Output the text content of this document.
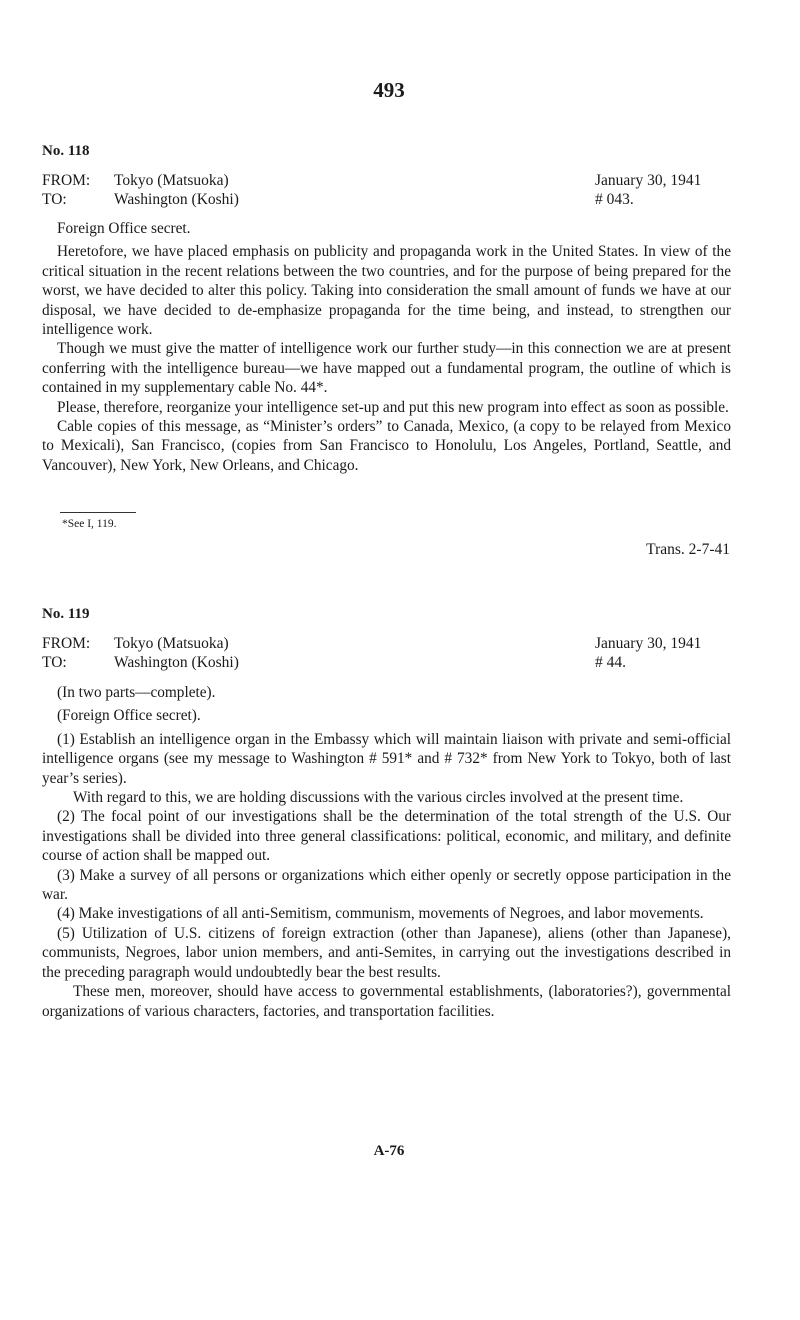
493
No. 118
FROM:	Tokyo (Matsuoka)	January 30, 1941
TO:	Washington (Koshi)	# 043.

Foreign Office secret.

Heretofore, we have placed emphasis on publicity and propaganda work in the United States. In view of the critical situation in the recent relations between the two countries, and for the purpose of being prepared for the worst, we have decided to alter this policy. Taking into consideration the small amount of funds we have at our disposal, we have decided to de-emphasize propaganda for the time being, and instead, to strengthen our intelligence work.

Though we must give the matter of intelligence work our further study—in this connection we are at present conferring with the intelligence bureau—we have mapped out a fundamental program, the outline of which is contained in my supplementary cable No. 44*.

Please, therefore, reorganize your intelligence set-up and put this new program into effect as soon as possible.

Cable copies of this message, as “Minister’s orders” to Canada, Mexico, (a copy to be relayed from Mexico to Mexicali), San Francisco, (copies from San Francisco to Honolulu, Los Angeles, Portland, Seattle, and Vancouver), New York, New Orleans, and Chicago.

*See I, 119.
Trans. 2-7-41
No. 119
FROM:	Tokyo (Matsuoka)	January 30, 1941
TO:	Washington (Koshi)	# 44.

(In two parts—complete).

(Foreign Office secret).

(1) Establish an intelligence organ in the Embassy which will maintain liaison with private and semi-official intelligence organs (see my message to Washington # 591* and # 732* from New York to Tokyo, both of last year’s series).

With regard to this, we are holding discussions with the various circles involved at the present time.

(2) The focal point of our investigations shall be the determination of the total strength of the U.S. Our investigations shall be divided into three general classifications: political, economic, and military, and definite course of action shall be mapped out.

(3) Make a survey of all persons or organizations which either openly or secretly oppose participation in the war.

(4) Make investigations of all anti-Semitism, communism, movements of Negroes, and labor movements.

(5) Utilization of U.S. citizens of foreign extraction (other than Japanese), aliens (other than Japanese), communists, Negroes, labor union members, and anti-Semites, in carrying out the investigations described in the preceding paragraph would undoubtedly bear the best results.

These men, moreover, should have access to governmental establishments, (laboratories?), governmental organizations of various characters, factories, and transportation facilities.

A-76
